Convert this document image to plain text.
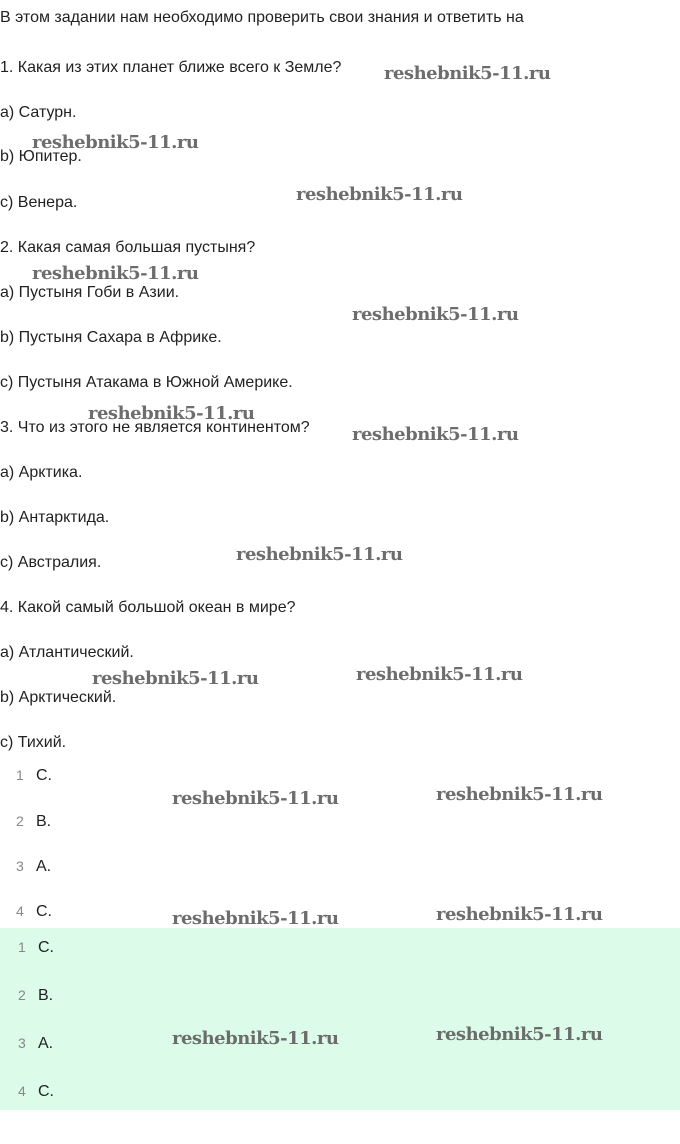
В этом задании нам необходимо проверить свои знания и ответить на
1. Какая из этих планет ближе всего к Земле?
a) Сатурн.
b) Юпитер.
c) Венера.
2. Какая самая большая пустыня?
a) Пустыня Гоби в Азии.
b) Пустыня Сахара в Африке.
c) Пустыня Атакама в Южной Америке.
3. Что из этого не является континентом?
a) Арктика.
b) Антарктида.
c) Австралия.
4. Какой самый большой океан в мире?
a) Атлантический.
b) Арктический.
c) Тихий.
1 C.
2 B.
3 A.
4 C.
1 C.
2 B.
3 A.
4 C.
reshebnik5-11.ru
reshebnik5-11.ru
reshebnik5-11.ru
reshebnik5-11.ru
reshebnik5-11.ru
reshebnik5-11.ru
reshebnik5-11.ru
reshebnik5-11.ru
reshebnik5-11.ru	reshebnik5-11.ru
reshebnik5-11.ru	reshebnik5-11.ru
reshebnik5-11.ru	reshebnik5-11.ru
reshebnik5-11.ru	reshebnik5-11.ru
